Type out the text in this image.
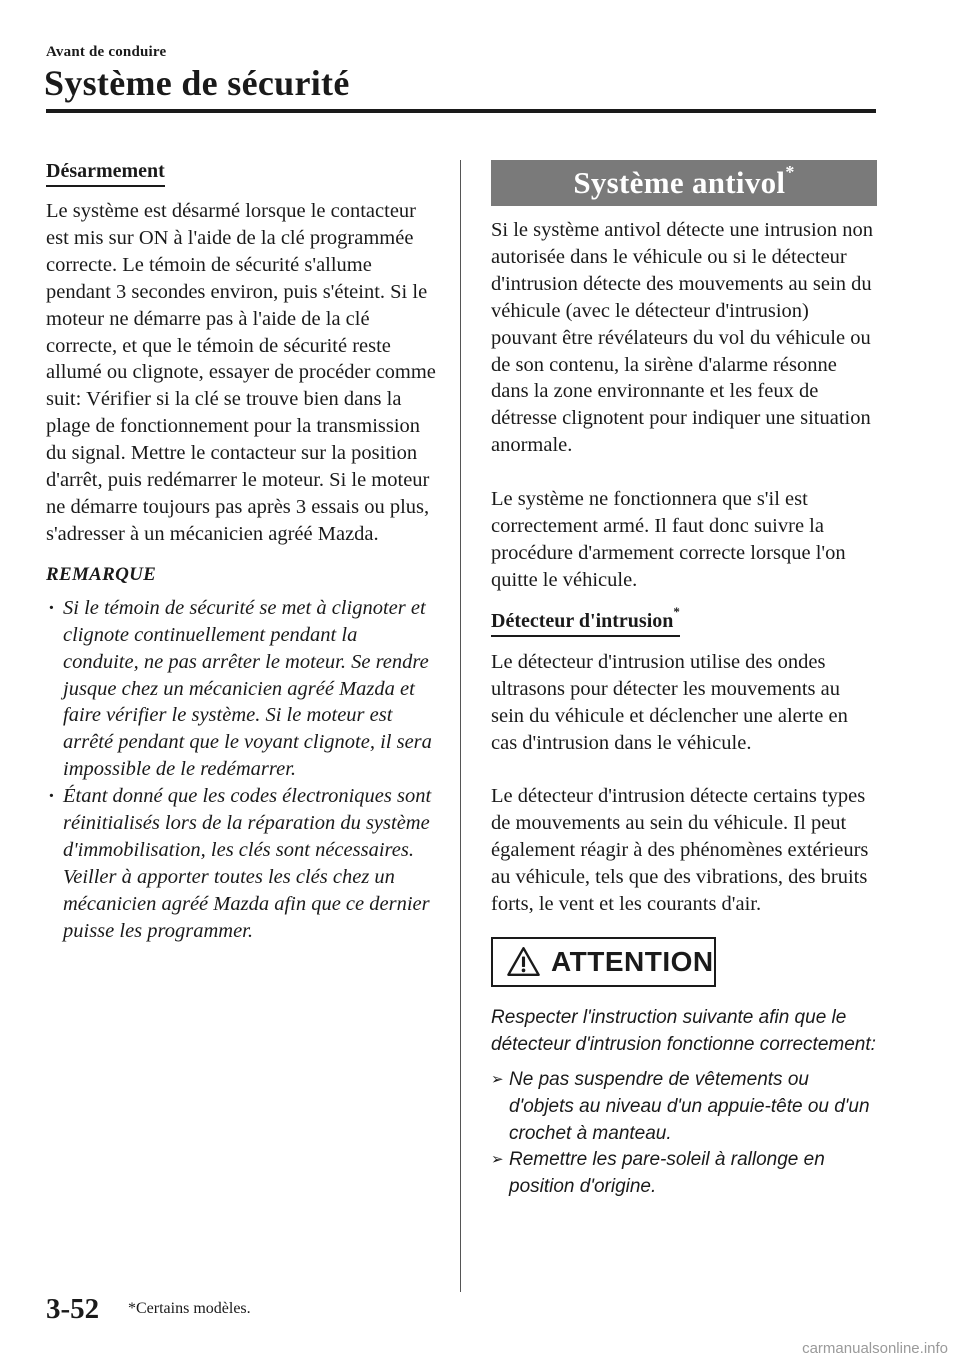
Avant de conduire
Système de sécurité
Désarmement

Le système est désarmé lorsque le contacteur est mis sur ON à l'aide de la clé programmée correcte. Le témoin de sécurité s'allume pendant 3 secondes environ, puis s'éteint. Si le moteur ne démarre pas à l'aide de la clé correcte, et que le témoin de sécurité reste allumé ou clignote, essayer de procéder comme suit: Vérifier si la clé se trouve bien dans la plage de fonctionnement pour la transmission du signal. Mettre le contacteur sur la position d'arrêt, puis redémarrer le moteur. Si le moteur ne démarre toujours pas après 3 essais ou plus, s'adresser à un mécanicien agréé Mazda.

REMARQUE
· Si le témoin de sécurité se met à clignoter et clignote continuellement pendant la conduite, ne pas arrêter le moteur. Se rendre jusque chez un mécanicien agréé Mazda et faire vérifier le système. Si le moteur est arrêté pendant que le voyant clignote, il sera impossible de le redémarrer.
· Étant donné que les codes électroniques sont réinitialisés lors de la réparation du système d'immobilisation, les clés sont nécessaires. Veiller à apporter toutes les clés chez un mécanicien agréé Mazda afin que ce dernier puisse les programmer.
Système antivol*

Si le système antivol détecte une intrusion non autorisée dans le véhicule ou si le détecteur d'intrusion détecte des mouvements au sein du véhicule (avec le détecteur d'intrusion) pouvant être révélateurs du vol du véhicule ou de son contenu, la sirène d'alarme résonne dans la zone environnante et les feux de détresse clignotent pour indiquer une situation anormale.

Le système ne fonctionnera que s'il est correctement armé. Il faut donc suivre la procédure d'armement correcte lorsque l'on quitte le véhicule.

Détecteur d'intrusion*

Le détecteur d'intrusion utilise des ondes ultrasons pour détecter les mouvements au sein du véhicule et déclencher une alerte en cas d'intrusion dans le véhicule.

Le détecteur d'intrusion détecte certains types de mouvements au sein du véhicule. Il peut également réagir à des phénomènes extérieurs au véhicule, tels que des vibrations, des bruits forts, le vent et les courants d'air.

ATTENTION

Respecter l'instruction suivante afin que le détecteur d'intrusion fonctionne correctement:

➢ Ne pas suspendre de vêtements ou d'objets au niveau d'un appuie-tête ou d'un crochet à manteau.
➢ Remettre les pare-soleil à rallonge en position d'origine.
3-52 *Certains modèles.
carmanualsonline.info
